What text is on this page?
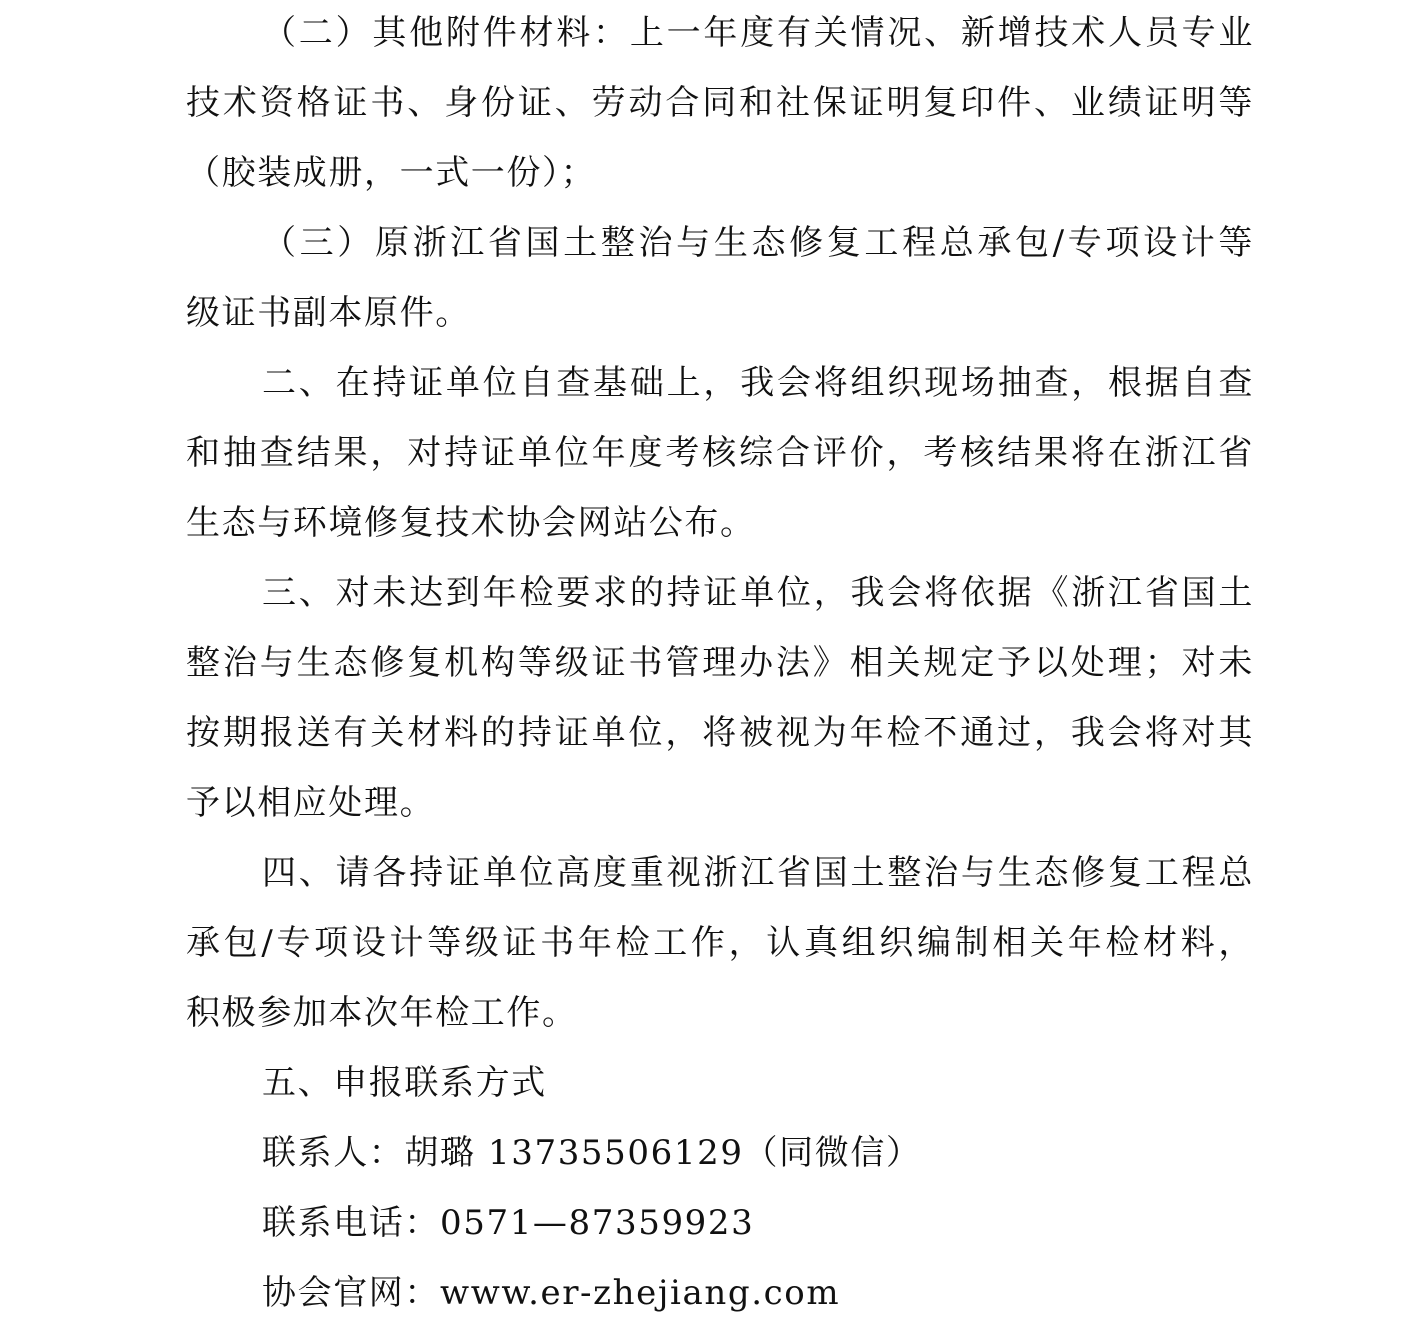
（二）其他附件材料：上一年度有关情况、新增技术人员专业
技术资格证书、身份证、劳动合同和社保证明复印件、业绩证明等
（胶装成册，一式一份）；
（三）原浙江省国土整治与生态修复工程总承包/专项设计等
级证书副本原件。
二、在持证单位自查基础上，我会将组织现场抽查，根据自查
和抽查结果，对持证单位年度考核综合评价，考核结果将在浙江省
生态与环境修复技术协会网站公布。
三、对未达到年检要求的持证单位，我会将依据《浙江省国土
整治与生态修复机构等级证书管理办法》相关规定予以处理；对未
按期报送有关材料的持证单位，将被视为年检不通过，我会将对其
予以相应处理。
四、请各持证单位高度重视浙江省国土整治与生态修复工程总
承包/专项设计等级证书年检工作，认真组织编制相关年检材料，
积极参加本次年检工作。
五、申报联系方式
联系人：胡璐 13735506129（同微信）
联系电话：0571—87359923
协会官网：www.er-zhejiang.com
